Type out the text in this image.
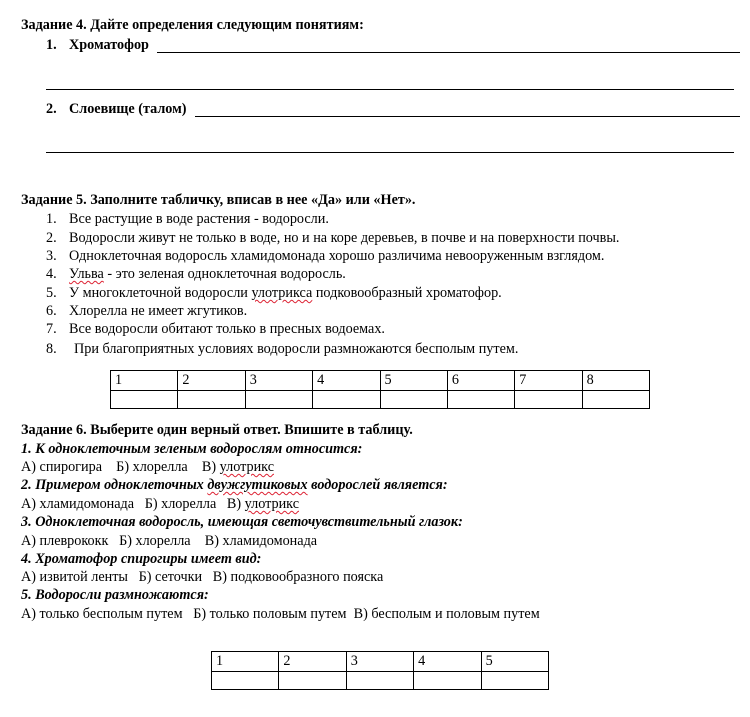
Задание 4. Дайте определения следующим понятиям:
1. Хроматофор
2. Слоевище (талом)
Задание 5. Заполните табличку, вписав в нее «Да» или «Нет».
1. Все растущие в воде растения - водоросли.
2. Водоросли живут не только в воде, но и на коре деревьев, в почве и на поверхности почвы.
3. Одноклеточная водоросль хламидомонада хорошо различима невооруженным взглядом.
4. Ульва - это зеленая одноклеточная водоросль.
5. У многоклеточной водоросли улотрикса подковообразный хроматофор.
6. Хлорелла не имеет жгутиков.
7. Все водоросли обитают только в пресных водоемах.
8. При благоприятных условиях водоросли размножаются бесполым путем.
1	2	3	4	5	6	7	8

Задание 6. Выберите один верный ответ. Впишите в таблицу.
1. К одноклеточным зеленым водорослям относится:
А) спирогира    Б) хлорелла    В) улотрикс
2. Примером одноклеточных двужгутиковых водорослей является:
А) хламидомонада   Б) хлорелла   В) улотрикс
3. Одноклеточная водоросль, имеющая светочувствительный глазок:
А) плеврококк   Б) хлорелла    В) хламидомонада
4. Хроматофор спирогиры имеет вид:
А) извитой ленты   Б) сеточки   В) подковообразного пояска
5. Водоросли размножаются:
А) только бесполым путем   Б) только половым путем  В) бесполым и половым путем
1	2	3	4	5
